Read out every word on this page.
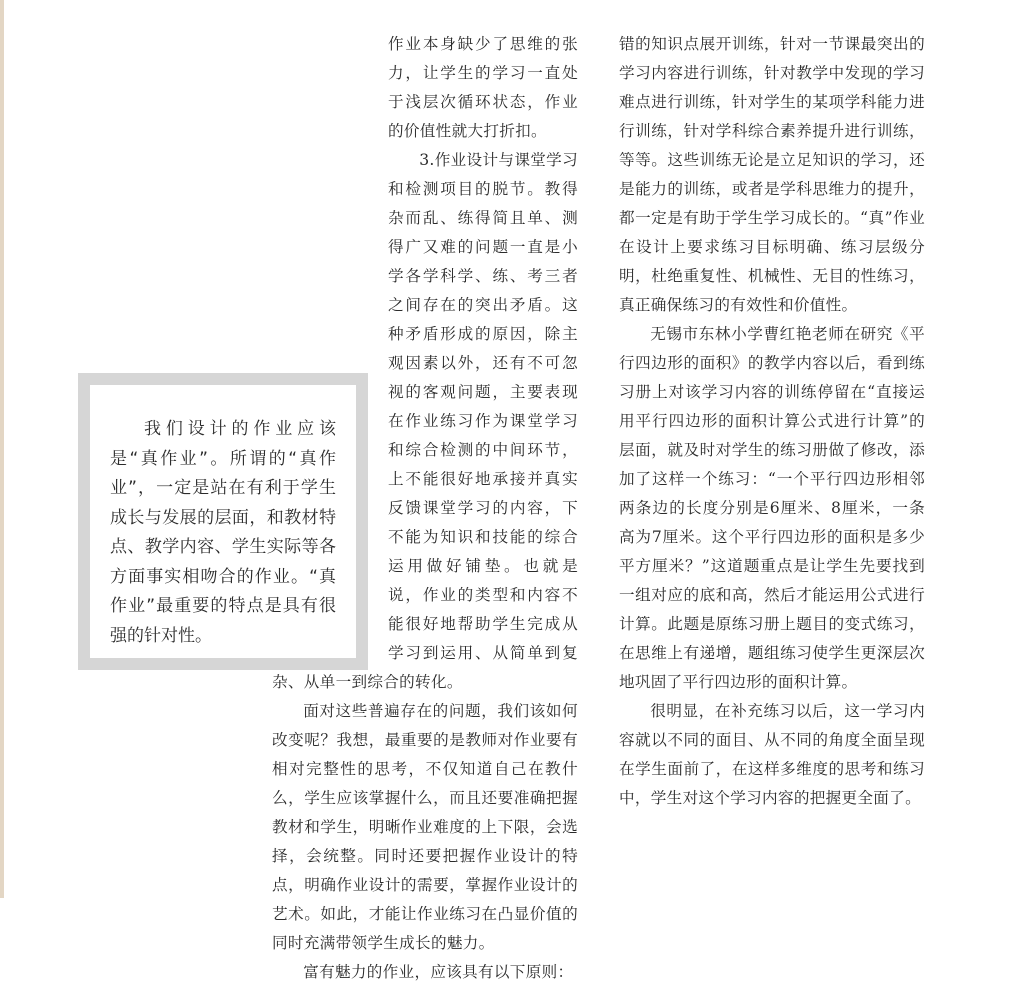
作业本身缺少了思维的张力，让学生的学习一直处于浅层次循环状态，作业的价值性就大打折扣。

3.作业设计与课堂学习和检测项目的脱节。教得杂而乱、练得简且单、测得广又难的问题一直是小学各学科学、练、考三者之间存在的突出矛盾。这种矛盾形成的原因，除主观因素以外，还有不可忽视的客观问题，主要表现在作业练习作为课堂学习和综合检测的中间环节，上不能很好地承接并真实反馈课堂学习的内容，下不能为知识和技能的综合运用做好铺垫。也就是说，作业的类型和内容不能很好地帮助学生完成从学习到运用、从简单到复杂、从单一到综合的转化。

面对这些普遍存在的问题，我们该如何改变呢？我想，最重要的是教师对作业要有相对完整性的思考，不仅知道自己在教什么，学生应该掌握什么，而且还要准确把握教材和学生，明晰作业难度的上下限，会选择，会统整。同时还要把握作业设计的特点，明确作业设计的需要，掌握作业设计的艺术。如此，才能让作业练习在凸显价值的同时充满带领学生成长的魅力。

富有魅力的作业，应该具有以下原则：

错的知识点展开训练，针对一节课最突出的学习内容进行训练，针对教学中发现的学习难点进行训练，针对学生的某项学科能力进行训练，针对学科综合素养提升进行训练，等等。这些训练无论是立足知识的学习，还是能力的训练，或者是学科思维力的提升，都一定是有助于学生学习成长的。“真”作业在设计上要求练习目标明确、练习层级分明，杜绝重复性、机械性、无目的性练习，真正确保练习的有效性和价值性。

无锡市东林小学曹红艳老师在研究《平行四边形的面积》的教学内容以后，看到练习册上对该学习内容的训练停留在“直接运用平行四边形的面积计算公式进行计算”的层面，就及时对学生的练习册做了修改，添加了这样一个练习：“一个平行四边形相邻两条边的长度分别是6厘米、8厘米，一条高为7厘米。这个平行四边形的面积是多少平方厘米？”这道题重点是让学生先要找到一组对应的底和高，然后才能运用公式进行计算。此题是原练习册上题目的变式练习，在思维上有递增，题组练习使学生更深层次地巩固了平行四边形的面积计算。

很明显，在补充练习以后，这一学习内容就以不同的面目、从不同的角度全面呈现在学生面前了，在这样多维度的思考和练习中，学生对这个学习内容的把握更全面了。

我们设计的作业应该是“真作业”。所谓的“真作业”，一定是站在有利于学生成长与发展的层面，和教材特点、教学内容、学生实际等各方面事实相吻合的作业。“真作业”最重要的特点是具有很强的针对性。
